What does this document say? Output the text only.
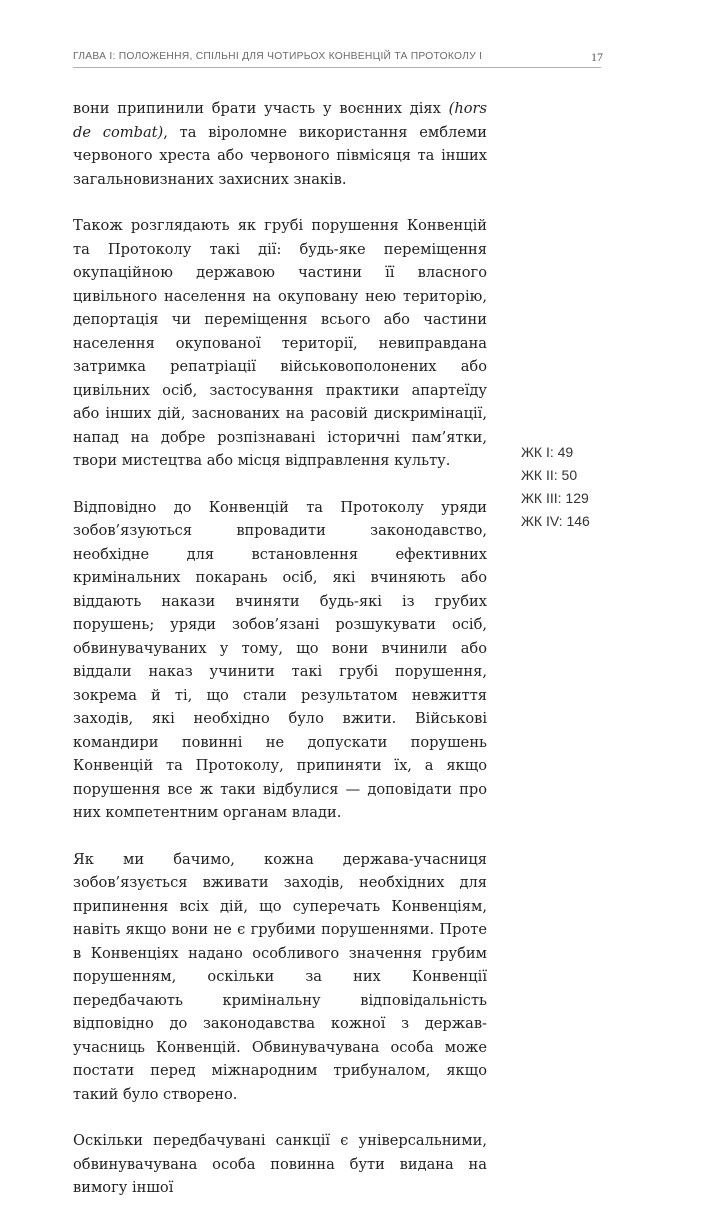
ГЛАВА I: ПОЛОЖЕННЯ, СПІЛЬНІ ДЛЯ ЧОТИРЬОХ КОНВЕНЦІЙ ТА ПРОТОКОЛУ I	17

вони припинили брати участь у воєнних діях (hors de combat), та віроломне використання емблеми червоного хреста або червоного півмісяця та інших загальновизнаних захисних знаків.

Також розглядають як грубі порушення Конвенцій та Протоколу такі дії: будь-яке переміщення окупаційною державою частини її власного цивільного населення на окуповану нею територію, депортація чи переміщення всього або частини населення окупованої території, невиправдана затримка репатріації військовополонених або цивільних осіб, застосування практики апартеїду або інших дій, заснованих на расовій дискримінації, напад на добре розпізнавані історичні пам’ятки, твори мистецтва або місця відправлення культу.

Відповідно до Конвенцій та Протоколу уряди зобов’язуються впровадити законодавство, необхідне для встановлення ефективних кримінальних покарань осіб, які вчиняють або віддають накази вчиняти будь-які із грубих порушень; уряди зобов’язані розшукувати осіб, обвинувачуваних у тому, що вони вчинили або віддали наказ учинити такі грубі порушення, зокрема й ті, що стали результатом невжиття заходів, які необхідно було вжити. Військові командири повинні не допускати порушень Конвенцій та Протоколу, припиняти їх, а якщо порушення все ж таки відбулися — доповідати про них компетентним органам влади.

Як ми бачимо, кожна держава-учасниця зобов’язується вживати заходів, необхідних для припинення всіх дій, що суперечать Конвенціям, навіть якщо вони не є грубими порушеннями. Проте в Конвенціях надано особливого значення грубим порушенням, оскільки за них Конвенції передбачають кримінальну відповідальність відповідно до законодавства кожної з держав-учасниць Конвенцій. Обвинувачувана особа може постати перед міжнародним трибуналом, якщо такий було створено.

Оскільки передбачувані санкції є універсальними, обвинувачувана особа повинна бути видана на вимогу іншої

ЖК I: 49
ЖК II: 50
ЖК III: 129
ЖК IV: 146
